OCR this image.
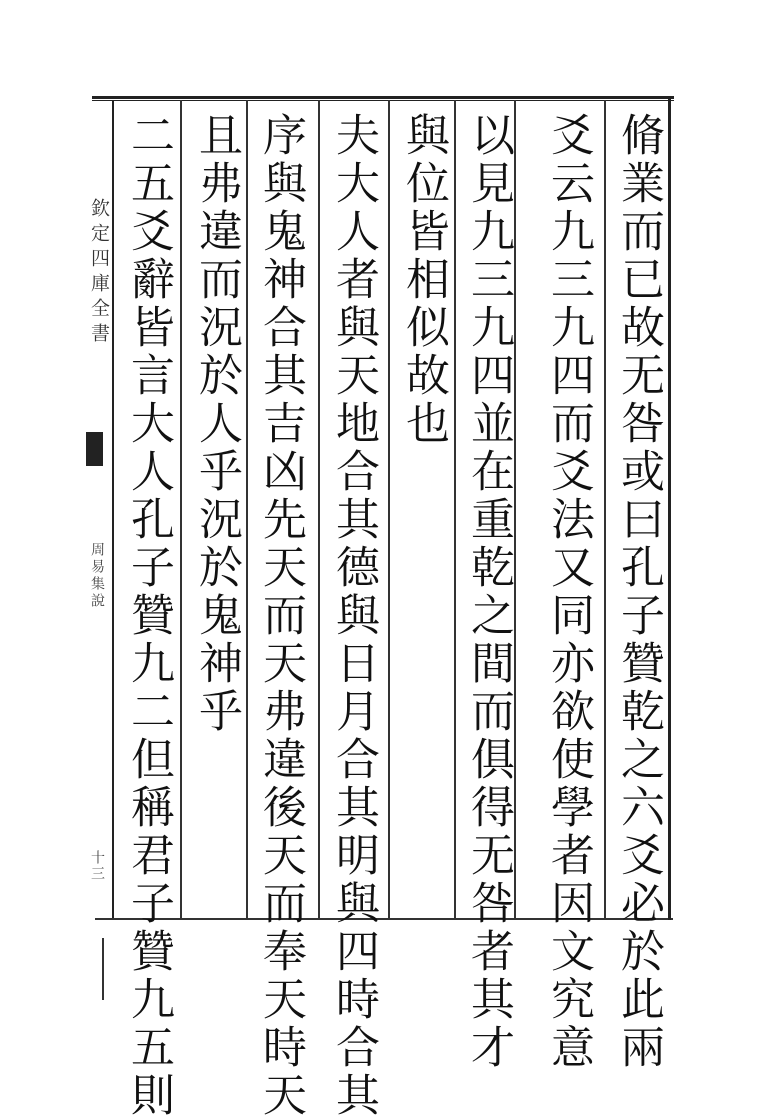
脩業而已故无咎或曰孔子贊乾之六爻必於此兩
爻云九三九四而爻法又同亦欲使學者因文究意
以見九三九四並在重乾之間而俱得无咎者其才
與位皆相似故也
夫大人者與天地合其德與日月合其明與四時合其
序與鬼神合其吉凶先天而天弗違後天而奉天時天
且弗違而況於人乎況於鬼神乎
二五爻辭皆言大人孔子贊九二但稱君子贊九五則
欽定四庫全書
周易集說
十三
